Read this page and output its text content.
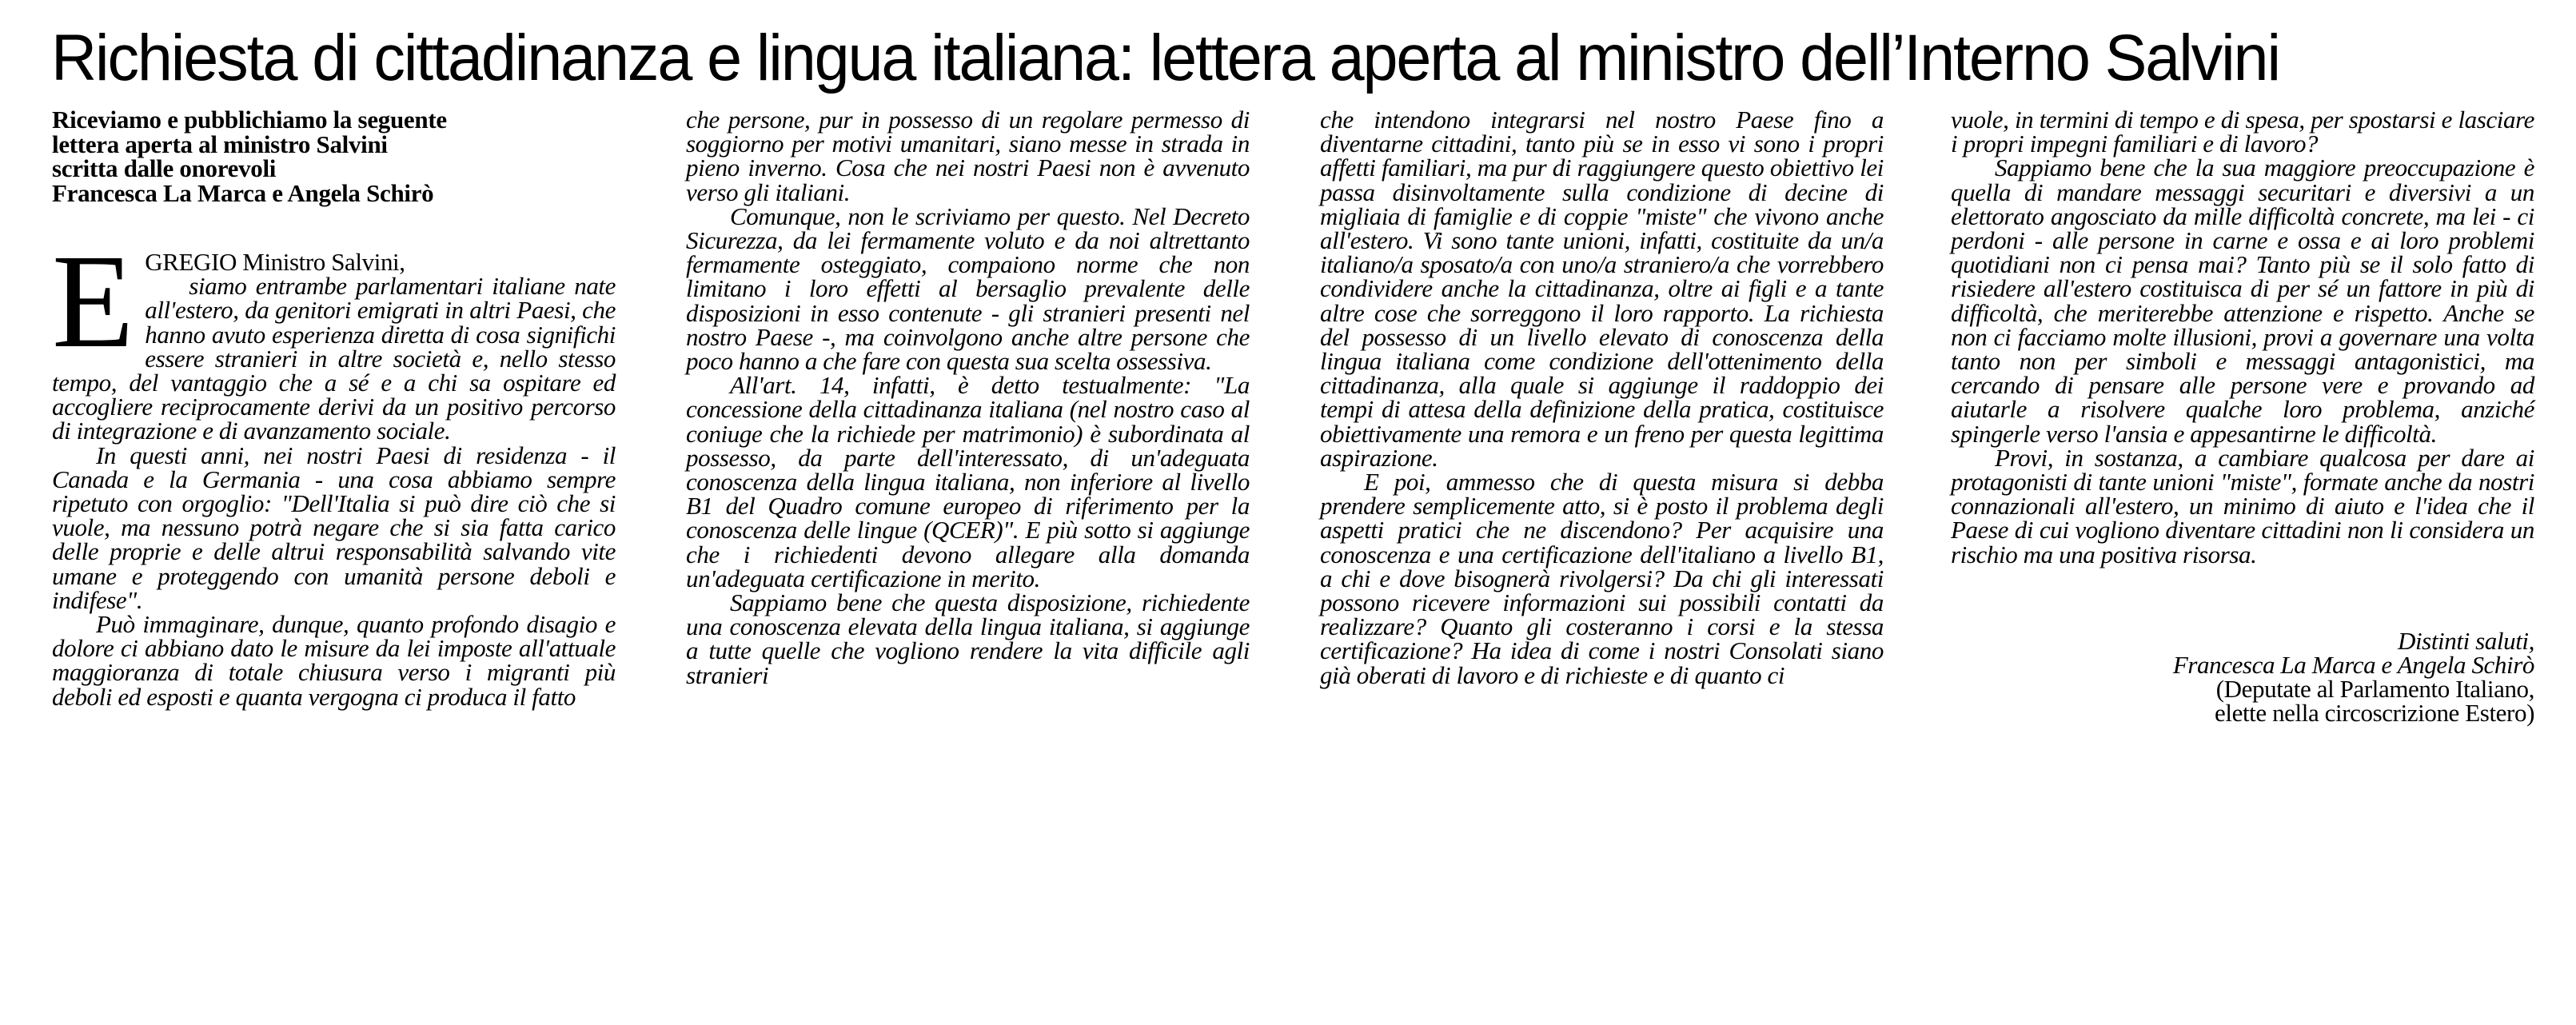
Richiesta di cittadinanza e lingua italiana: lettera aperta al ministro dell’Interno Salvini
Riceviamo e pubblichiamo la seguente
lettera aperta al ministro Salvini
scritta dalle onorevoli
Francesca La Marca e Angela Schirò
E GREGIO Ministro Salvini,

siamo entrambe parlamentari italiane nate all'estero, da genitori emigrati in altri Paesi, che hanno avuto esperienza diretta di cosa significhi essere stranieri in altre società e, nello stesso tempo, del vantaggio che a sé e a chi sa ospitare ed accogliere reciprocamente derivi da un positivo percorso di integrazione e di avanzamento sociale.

In questi anni, nei nostri Paesi di residenza - il Canada e la Germania - una cosa abbiamo sempre ripetuto con orgoglio: "Dell'Italia si può dire ciò che si vuole, ma nessuno potrà negare che si sia fatta carico delle proprie e delle altrui responsabilità salvando vite umane e proteggendo con umanità persone deboli e indifese".

Può immaginare, dunque, quanto profondo disagio e dolore ci abbiano dato le misure da lei imposte all'attuale maggioranza di totale chiusura verso i migranti più deboli ed esposti e quanta vergogna ci produca il fatto

che persone, pur in possesso di un regolare permesso di soggiorno per motivi umanitari, siano messe in strada in pieno inverno. Cosa che nei nostri Paesi non è avvenuto verso gli italiani.

Comunque, non le scriviamo per questo. Nel Decreto Sicurezza, da lei fermamente voluto e da noi altrettanto fermamente osteggiato, compaiono norme che non limitano i loro effetti al bersaglio prevalente delle disposizioni in esso contenute - gli stranieri presenti nel nostro Paese -, ma coinvolgono anche altre persone che poco hanno a che fare con questa sua scelta ossessiva.

All'art. 14, infatti, è detto testualmente: "La concessione della cittadinanza italiana (nel nostro caso al coniuge che la richiede per matrimonio) è subordinata al possesso, da parte dell'interessato, di un'adeguata conoscenza della lingua italiana, non inferiore al livello B1 del Quadro comune europeo di riferimento per la conoscenza delle lingue (QCER)". E più sotto si aggiunge che i richiedenti devono allegare alla domanda un'adeguata certificazione in merito.

Sappiamo bene che questa disposizione, richiedente una conoscenza elevata della lingua italiana, si aggiunge a tutte quelle che vogliono rendere la vita difficile agli stranieri

che intendono integrarsi nel nostro Paese fino a diventarne cittadini, tanto più se in esso vi sono i propri affetti familiari, ma pur di raggiungere questo obiettivo lei passa disinvoltamente sulla condizione di decine di migliaia di famiglie e di coppie "miste" che vivono anche all'estero. Vi sono tante unioni, infatti, costituite da un/a italiano/a sposato/a con uno/a straniero/a che vorrebbero condividere anche la cittadinanza, oltre ai figli e a tante altre cose che sorreggono il loro rapporto. La richiesta del possesso di un livello elevato di conoscenza della lingua italiana come condizione dell'ottenimento della cittadinanza, alla quale si aggiunge il raddoppio dei tempi di attesa della definizione della pratica, costituisce obiettivamente una remora e un freno per questa legittima aspirazione.

E poi, ammesso che di questa misura si debba prendere semplicemente atto, si è posto il problema degli aspetti pratici che ne discendono? Per acquisire una conoscenza e una certificazione dell'italiano a livello B1, a chi e dove bisognerà rivolgersi? Da chi gli interessati possono ricevere informazioni sui possibili contatti da realizzare? Quanto gli costeranno i corsi e la stessa certificazione? Ha idea di come i nostri Consolati siano già oberati di lavoro e di richieste e di quanto ci

vuole, in termini di tempo e di spesa, per spostarsi e lasciare i propri impegni familiari e di lavoro?

Sappiamo bene che la sua maggiore preoccupazione è quella di mandare messaggi securitari e diversivi a un elettorato angosciato da mille difficoltà concrete, ma lei - ci perdoni - alle persone in carne e ossa e ai loro problemi quotidiani non ci pensa mai? Tanto più se il solo fatto di risiedere all'estero costituisca di per sé un fattore in più di difficoltà, che meriterebbe attenzione e rispetto. Anche se non ci facciamo molte illusioni, provi a governare una volta tanto non per simboli e messaggi antagonistici, ma cercando di pensare alle persone vere e provando ad aiutarle a risolvere qualche loro problema, anziché spingerle verso l'ansia e appesantirne le difficoltà.

Provi, in sostanza, a cambiare qualcosa per dare ai protagonisti di tante unioni "miste", formate anche da nostri connazionali all'estero, un minimo di aiuto e l'idea che il Paese di cui vogliono diventare cittadini non li considera un rischio ma una positiva risorsa.

Distinti saluti,
Francesca La Marca e Angela Schirò
(Deputate al Parlamento Italiano,
elette nella circoscrizione Estero)
